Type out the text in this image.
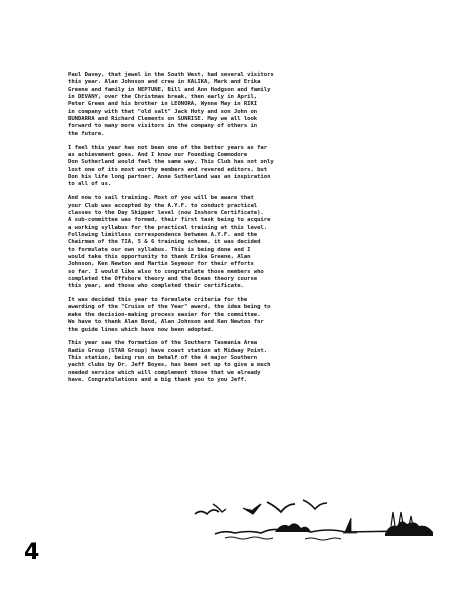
Paul Davey, that jewel in the South West, had several visitors
this year. Alan Johnson and crew in KALIKA, Mark and Erika
Greene and family in NEPTUNE, Bill and Ann Hodgson and family
in DEVANY, over the Christmas break, then early in April,
Peter Green and his brother in LEONORA, Wynne May in RIKI
in company with that "old salt" Jack Hoty and son John on
BUNDARRA and Richard Clements on SUNRISE. May we all look
forward to many more visitors in the company of others in
the future.

I feel this year has not been one of the better years as far
as achievement goes. And I know our Founding Commodore
Don Sutherland would feel the same way. This Club has not only
lost one of its most worthy members and revered editors, but
Don his life long partner. Anne Sutherland was an inspiration
to all of us.

And now to sail training. Most of you will be aware that
your Club was accepted by the A.Y.F. to conduct practical
classes to the Day Skipper level (now Inshore Certificate).
A sub-committee was formed, their first task being to acquire
a working syllabus for the practical training at this level.
Following limitless correspondence between A.Y.F. and the
Chairman of the TIA, 5 & 6 training scheme, it was decided
to formulate our own syllabus. This is being done and I
would take this opportunity to thank Erika Greene, Alan
Johnson, Ken Newton and Martin Seymour for their efforts
so far. I would like also to congratulate those members who
completed the Offshore theory and the Ocean theory course
this year, and those who completed their certificate.

It was decided this year to formulate criteria for the
awarding of the "Cruise of the Year" award, the idea being to
make the decision-making process easier for the committee.
We have to thank Alan Bond, Alan Johnson and Ken Newton for
the guide lines which have now been adopted.

This year saw the formation of the Southern Tasmania Area
Radio Group (STAR Group) have coast station at Midway Point.
This station, being run on behalf of the 4 major Southern
yacht clubs by Dr. Jeff Boyes, has been set up to give a much
needed service which will complement those that we already
have. Congratulations and a big thank you to you Jeff.

4
